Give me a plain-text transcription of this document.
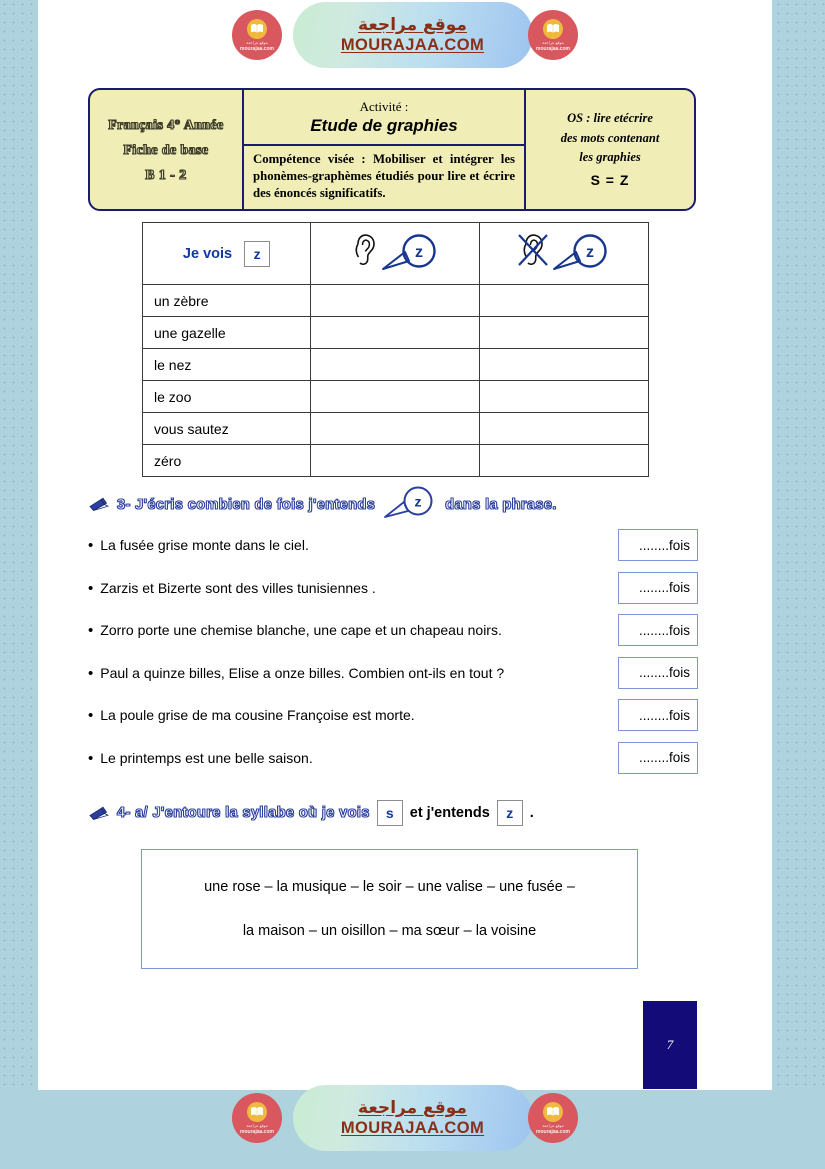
موقع مراجعة
mourajaa.com
موقع مراجعة
MOURAJAA.COM	موقع مراجعة
mourajaa.com
Français 4° Année
Fiche de base
B 1 - 2
Activité :
Etude de graphies
Compétence visée : Mobiliser et intégrer les phonèmes-graphèmes étudiés pour lire et écrire des énoncés significatifs.
OS : lire etécrire
des mots contenant
les graphies
S = Z
Je vois z	z	z

un zèbre		
une gazelle		
le nez		
le zoo		
vous sautez		
zéro		
3- J'écris combien de fois j'entends	z dans la phrase.
• La fusée grise monte dans le ciel.	........fois
• Zarzis et Bizerte sont des villes tunisiennes .	........fois
• Zorro porte une chemise blanche, une cape et un chapeau noirs.	........fois
• Paul a quinze billes, Elise a onze billes. Combien ont-ils en tout ?	........fois
• La poule grise de ma cousine Françoise est morte.	........fois
• Le printemps est une belle saison.	........fois
4- a/ J'entoure la syllabe où je vois	s	et j'entends	z	.
une rose – la musique – le soir – une valise – une fusée –
la maison – un oisillon – ma sœur – la voisine
7
موقع مراجعة
mourajaa.com
موقع مراجعة
MOURAJAA.COM	موقع مراجعة
mourajaa.com
